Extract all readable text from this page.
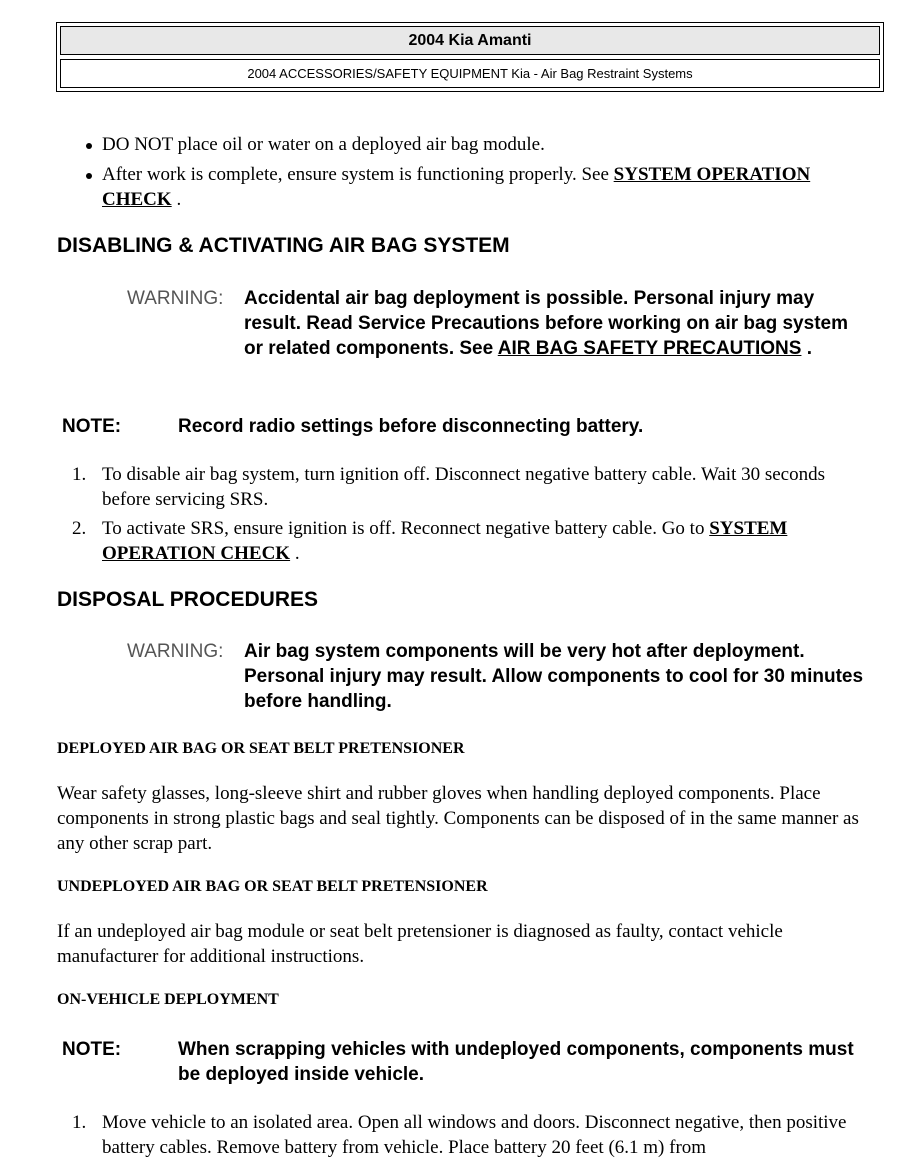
2004 Kia Amanti
2004 ACCESSORIES/SAFETY EQUIPMENT Kia - Air Bag Restraint Systems
DO NOT place oil or water on a deployed air bag module.
After work is complete, ensure system is functioning properly. See SYSTEM OPERATION CHECK .
DISABLING & ACTIVATING AIR BAG SYSTEM
WARNING: Accidental air bag deployment is possible. Personal injury may result. Read Service Precautions before working on air bag system or related components. See AIR BAG SAFETY PRECAUTIONS .
NOTE:	Record radio settings before disconnecting battery.
1. To disable air bag system, turn ignition off. Disconnect negative battery cable. Wait 30 seconds before servicing SRS.
2. To activate SRS, ensure ignition is off. Reconnect negative battery cable. Go to SYSTEM OPERATION CHECK .
DISPOSAL PROCEDURES
WARNING: Air bag system components will be very hot after deployment. Personal injury may result. Allow components to cool for 30 minutes before handling.
DEPLOYED AIR BAG OR SEAT BELT PRETENSIONER

Wear safety glasses, long-sleeve shirt and rubber gloves when handling deployed components. Place components in strong plastic bags and seal tightly. Components can be disposed of in the same manner as any other scrap part.

UNDEPLOYED AIR BAG OR SEAT BELT PRETENSIONER

If an undeployed air bag module or seat belt pretensioner is diagnosed as faulty, contact vehicle manufacturer for additional instructions.

ON-VEHICLE DEPLOYMENT
NOTE:	When scrapping vehicles with undeployed components, components must be deployed inside vehicle.
1. Move vehicle to an isolated area. Open all windows and doors. Disconnect negative, then positive battery cables. Remove battery from vehicle. Place battery 20 feet (6.1 m) from
